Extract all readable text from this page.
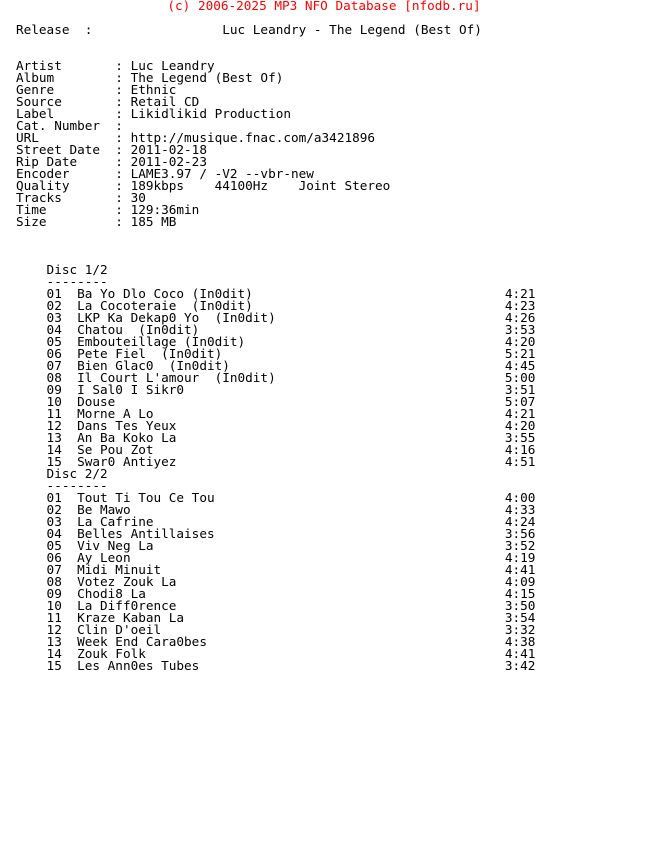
(c) 2006-2025 MP3 NFO Database [nfodb.ru]
Release  :                 Luc Leandry - The Legend (Best Of)
Artist       : Luc Leandry
Album        : The Legend (Best Of)
Genre        : Ethnic
Source       : Retail CD
Label        : Likidlikid Production
Cat. Number  :
URL          : http://musique.fnac.com/a3421896
Street Date  : 2011-02-18
Rip Date     : 2011-02-23
Encoder      : LAME3.97 / -V2 --vbr-new
Quality      : 189kbps    44100Hz    Joint Stereo
Tracks       : 30
Time         : 129:36min
Size         : 185 MB
Disc 1/2
--------
01  Ba Yo Dlo Coco (In0dit)                                 4:21
02  La Cocoteraie  (In0dit)                                 4:23
03  LKP Ka Dekap0 Yo  (In0dit)                              4:26
04  Chatou  (In0dit)                                        3:53
05  Embouteillage (In0dit)                                  4:20
06  Pete Fiel  (In0dit)                                     5:21
07  Bien Glac0  (In0dit)                                    4:45
08  Il Court L'amour  (In0dit)                              5:00
09  I Sal0 I Sikr0                                          3:51
10  Douse                                                   5:07
11  Morne A Lo                                              4:21
12  Dans Tes Yeux                                           4:20
13  An Ba Koko La                                           3:55
14  Se Pou Zot                                              4:16
15  Swar0 Antiyez                                           4:51
Disc 2/2
--------
01  Tout Ti Tou Ce Tou                                      4:00
02  Be Mawo                                                 4:33
03  La Cafrine                                              4:24
04  Belles Antillaises                                      3:56
05  Viv Neg La                                              3:52
06  Ay Leon                                                 4:19
07  Midi Minuit                                             4:41
08  Votez Zouk La                                           4:09
09  Chodi8 La                                               4:15
10  La Diff0rence                                           3:50
11  Kraze Kaban La                                          3:54
12  Clin D'oeil                                             3:32
13  Week End Cara0bes                                       4:38
14  Zouk Folk                                               4:41
15  Les Ann0es Tubes                                        3:42
